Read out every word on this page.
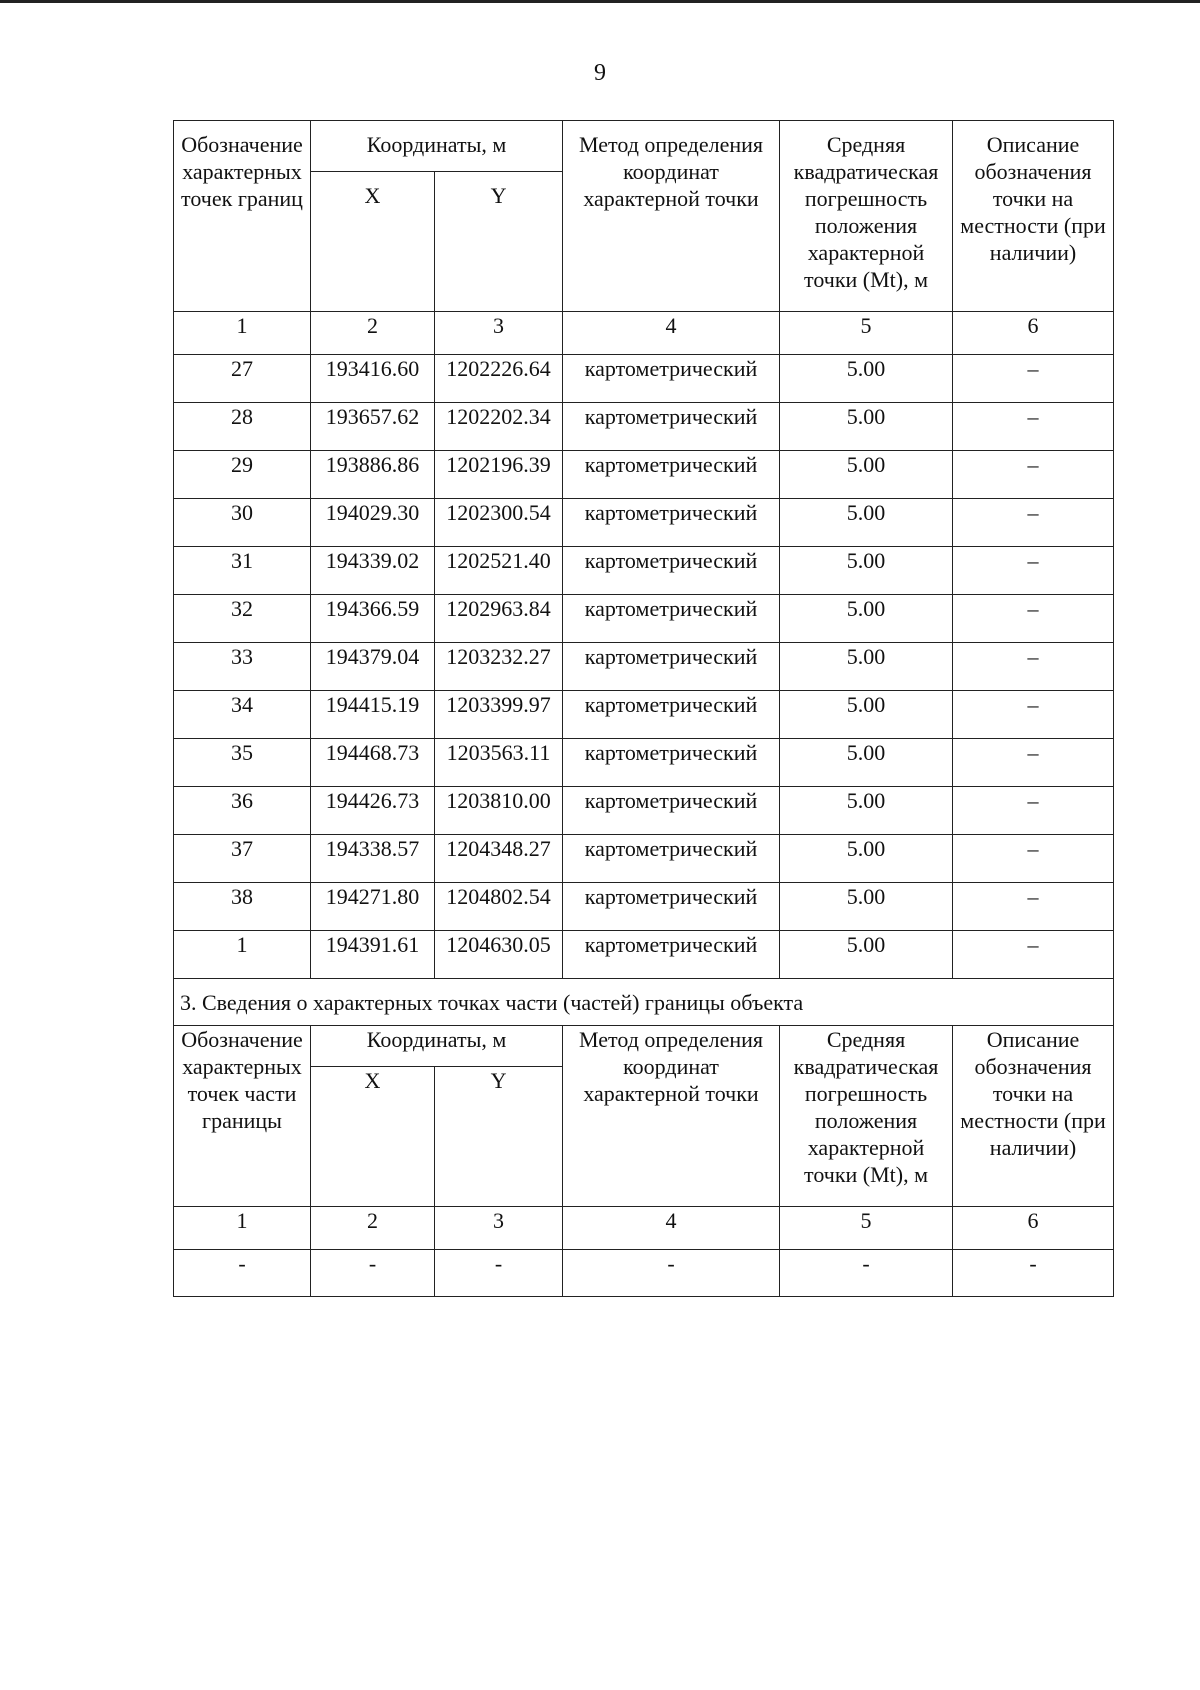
9
Обозначение характерных точек границ	Координаты, м		Метод определения координат характерной точки	Средняя квадратическая погрешность положения характерной точки (Mt), м	Описание обозначения точки на местности (при наличии)
	X	Y			
1	2	3	4	5	6
27	193416.60	1202226.64	картометрический	5.00	–
28	193657.62	1202202.34	картометрический	5.00	–
29	193886.86	1202196.39	картометрический	5.00	–
30	194029.30	1202300.54	картометрический	5.00	–
31	194339.02	1202521.40	картометрический	5.00	–
32	194366.59	1202963.84	картометрический	5.00	–
33	194379.04	1203232.27	картометрический	5.00	–
34	194415.19	1203399.97	картометрический	5.00	–
35	194468.73	1203563.11	картометрический	5.00	–
36	194426.73	1203810.00	картометрический	5.00	–
37	194338.57	1204348.27	картометрический	5.00	–
38	194271.80	1204802.54	картометрический	5.00	–
1	194391.61	1204630.05	картометрический	5.00	–
3. Сведения о характерных точках части (частей) границы объекта					
Обозначение характерных точек части границы	Координаты, м		Метод определения координат характерной точки	Средняя квадратическая погрешность положения характерной точки (Mt), м	Описание обозначения точки на местности (при наличии)
	X	Y			
1	2	3	4	5	6
-	-	-	-	-	-
